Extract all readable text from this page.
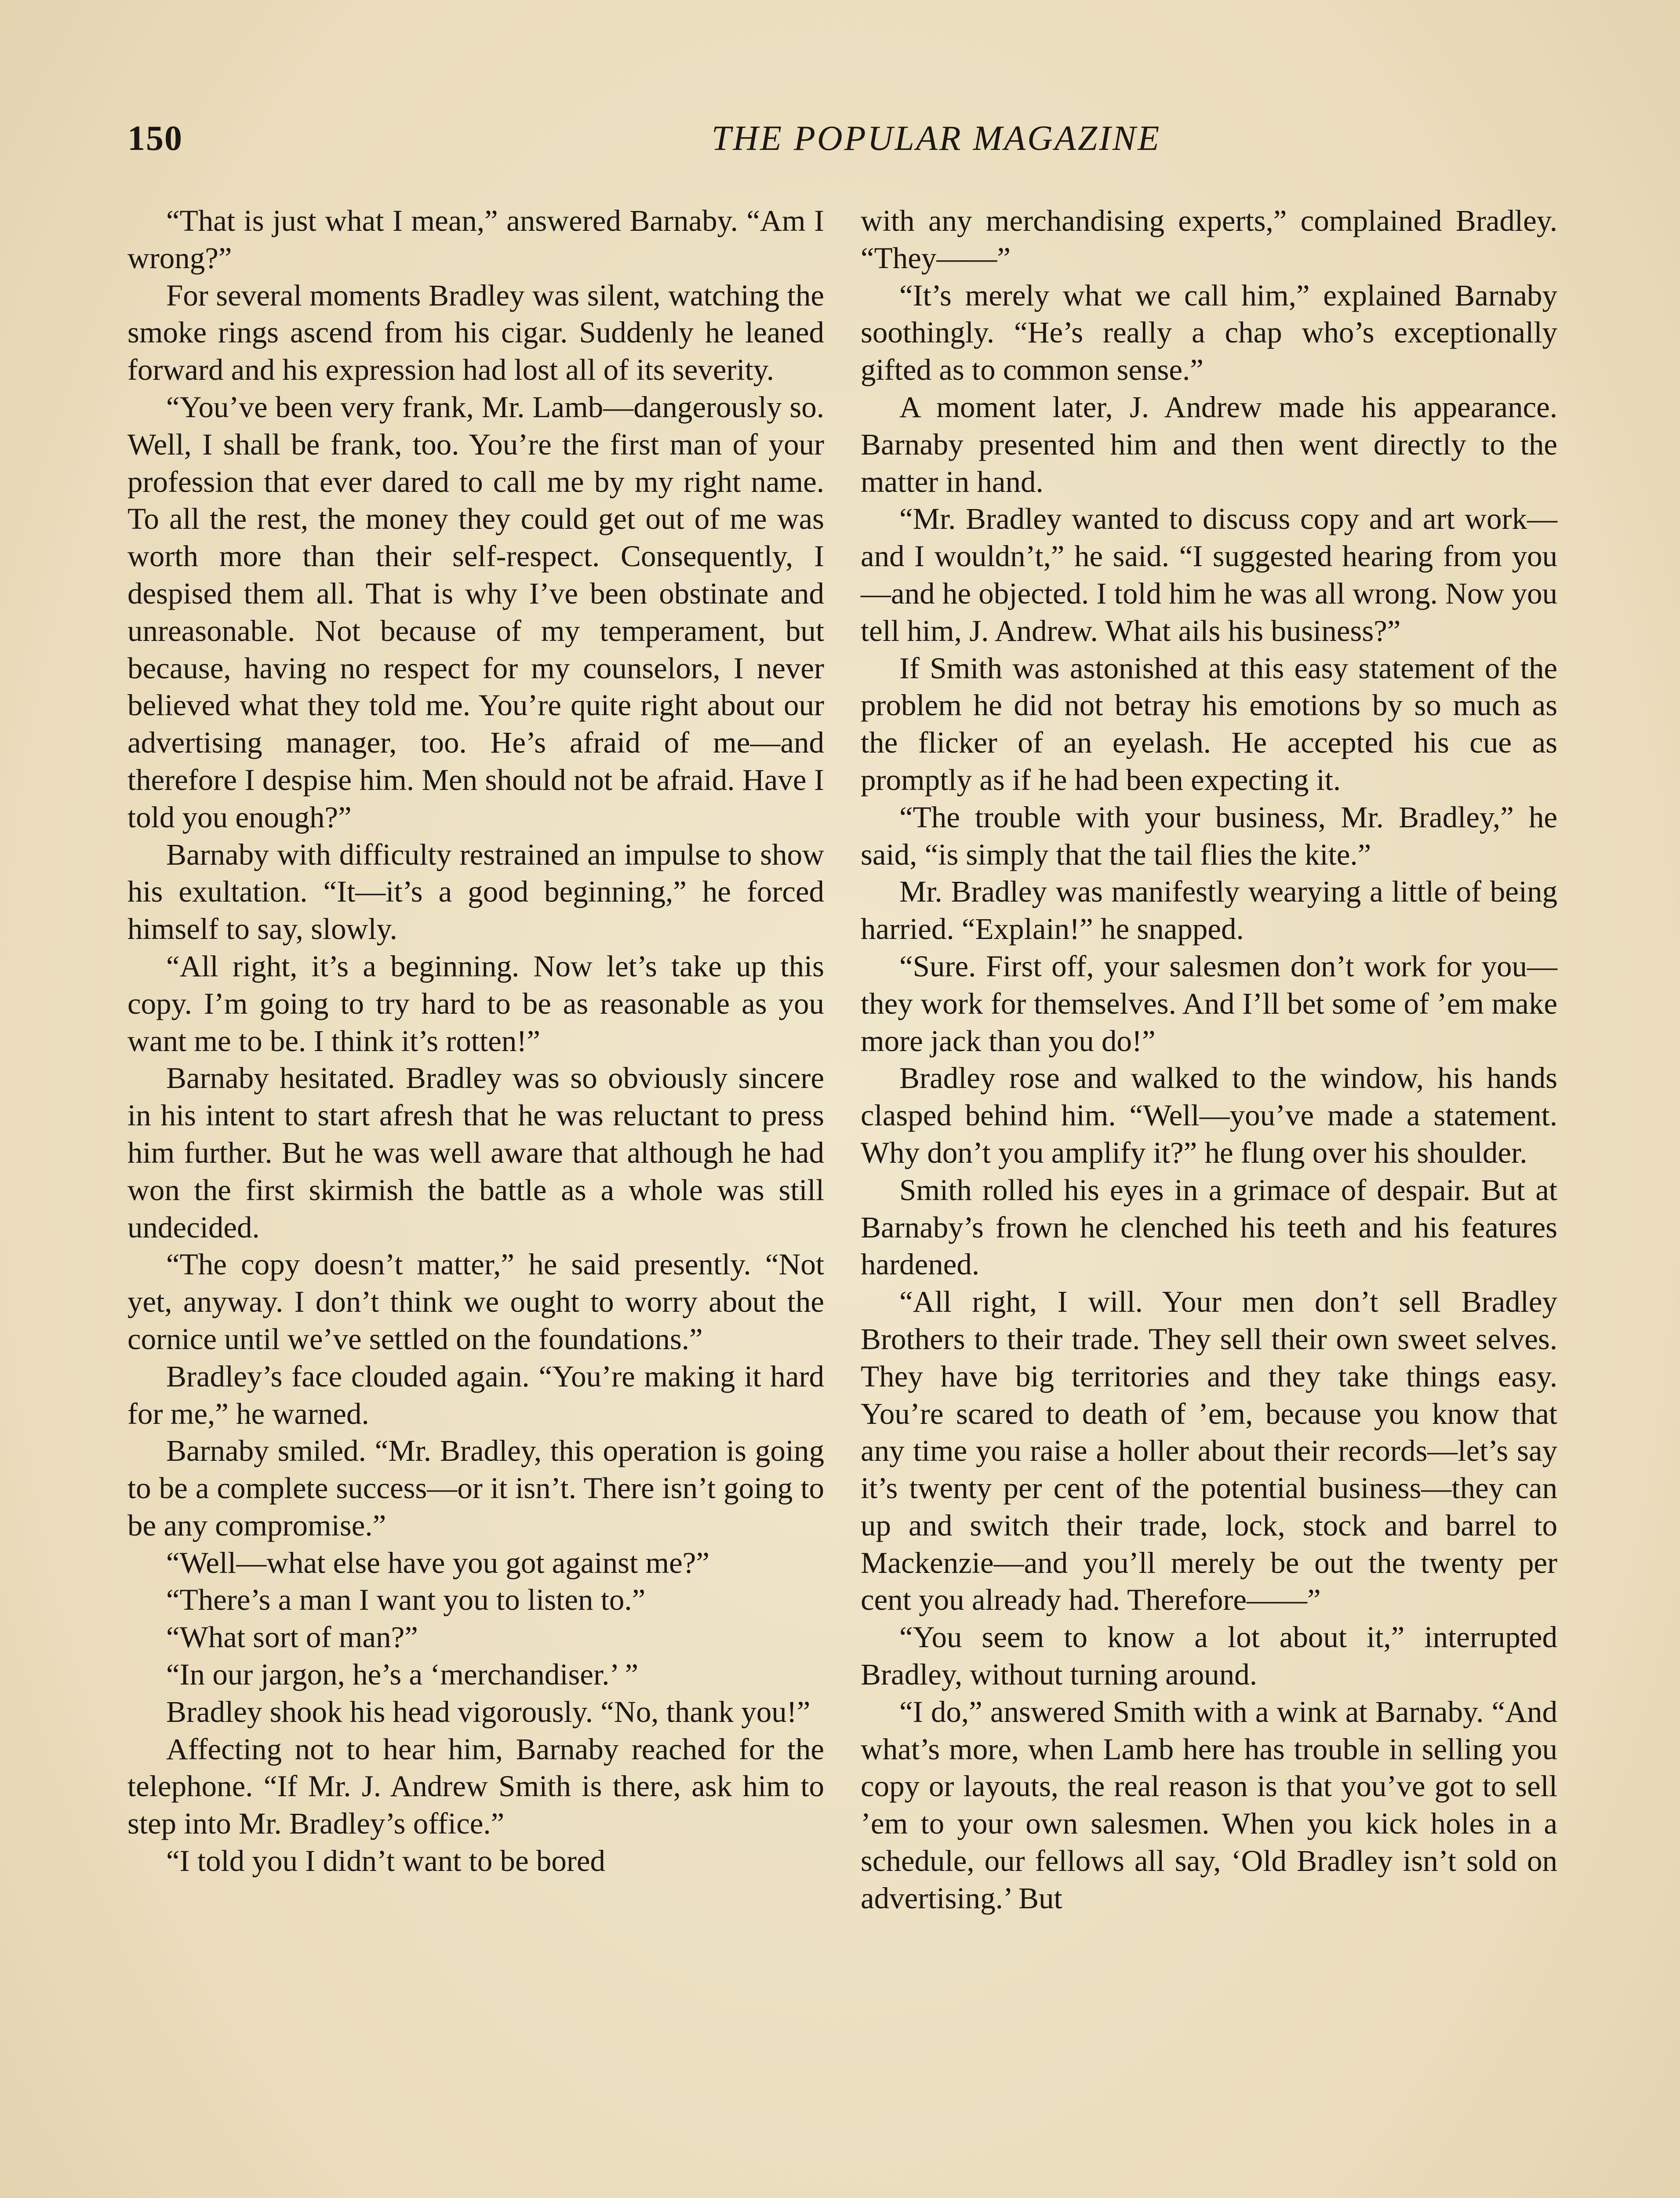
150	THE POPULAR MAGAZINE

“That is just what I mean,” answered Barnaby. “Am I wrong?”

For several moments Bradley was silent, watching the smoke rings ascend from his cigar. Suddenly he leaned forward and his expression had lost all of its severity.

“You’ve been very frank, Mr. Lamb—dangerously so. Well, I shall be frank, too. You’re the first man of your profession that ever dared to call me by my right name. To all the rest, the money they could get out of me was worth more than their self-respect. Consequently, I despised them all. That is why I’ve been obstinate and unreasonable. Not because of my temperament, but because, having no respect for my counselors, I never believed what they told me. You’re quite right about our advertising manager, too. He’s afraid of me—and therefore I despise him. Men should not be afraid. Have I told you enough?”

Barnaby with difficulty restrained an impulse to show his exultation. “It—it’s a good beginning,” he forced himself to say, slowly.

“All right, it’s a beginning. Now let’s take up this copy. I’m going to try hard to be as reasonable as you want me to be. I think it’s rotten!”

Barnaby hesitated. Bradley was so obviously sincere in his intent to start afresh that he was reluctant to press him further. But he was well aware that although he had won the first skirmish the battle as a whole was still undecided.

“The copy doesn’t matter,” he said presently. “Not yet, anyway. I don’t think we ought to worry about the cornice until we’ve settled on the foundations.”

Bradley’s face clouded again. “You’re making it hard for me,” he warned.

Barnaby smiled. “Mr. Bradley, this operation is going to be a complete success—or it isn’t. There isn’t going to be any compromise.”

“Well—what else have you got against me?”

“There’s a man I want you to listen to.”

“What sort of man?”

“In our jargon, he’s a ‘merchandiser.’ ”

Bradley shook his head vigorously. “No, thank you!”

Affecting not to hear him, Barnaby reached for the telephone. “If Mr. J. Andrew Smith is there, ask him to step into Mr. Bradley’s office.”

“I told you I didn’t want to be bored

with any merchandising experts,” complained Bradley. “They——”

“It’s merely what we call him,” explained Barnaby soothingly. “He’s really a chap who’s exceptionally gifted as to common sense.”

A moment later, J. Andrew made his appearance. Barnaby presented him and then went directly to the matter in hand.

“Mr. Bradley wanted to discuss copy and art work—and I wouldn’t,” he said. “I suggested hearing from you—and he objected. I told him he was all wrong. Now you tell him, J. Andrew. What ails his business?”

If Smith was astonished at this easy statement of the problem he did not betray his emotions by so much as the flicker of an eyelash. He accepted his cue as promptly as if he had been expecting it.

“The trouble with your business, Mr. Bradley,” he said, “is simply that the tail flies the kite.”

Mr. Bradley was manifestly wearying a little of being harried. “Explain!” he snapped.

“Sure. First off, your salesmen don’t work for you—they work for themselves. And I’ll bet some of ’em make more jack than you do!”

Bradley rose and walked to the window, his hands clasped behind him. “Well—you’ve made a statement. Why don’t you amplify it?” he flung over his shoulder.

Smith rolled his eyes in a grimace of despair. But at Barnaby’s frown he clenched his teeth and his features hardened.

“All right, I will. Your men don’t sell Bradley Brothers to their trade. They sell their own sweet selves. They have big territories and they take things easy. You’re scared to death of ’em, because you know that any time you raise a holler about their records—let’s say it’s twenty per cent of the potential business—they can up and switch their trade, lock, stock and barrel to Mackenzie—and you’ll merely be out the twenty per cent you already had. Therefore——”

“You seem to know a lot about it,” interrupted Bradley, without turning around.

“I do,” answered Smith with a wink at Barnaby. “And what’s more, when Lamb here has trouble in selling you copy or layouts, the real reason is that you’ve got to sell ’em to your own salesmen. When you kick holes in a schedule, our fellows all say, ‘Old Bradley isn’t sold on advertising.’ But
